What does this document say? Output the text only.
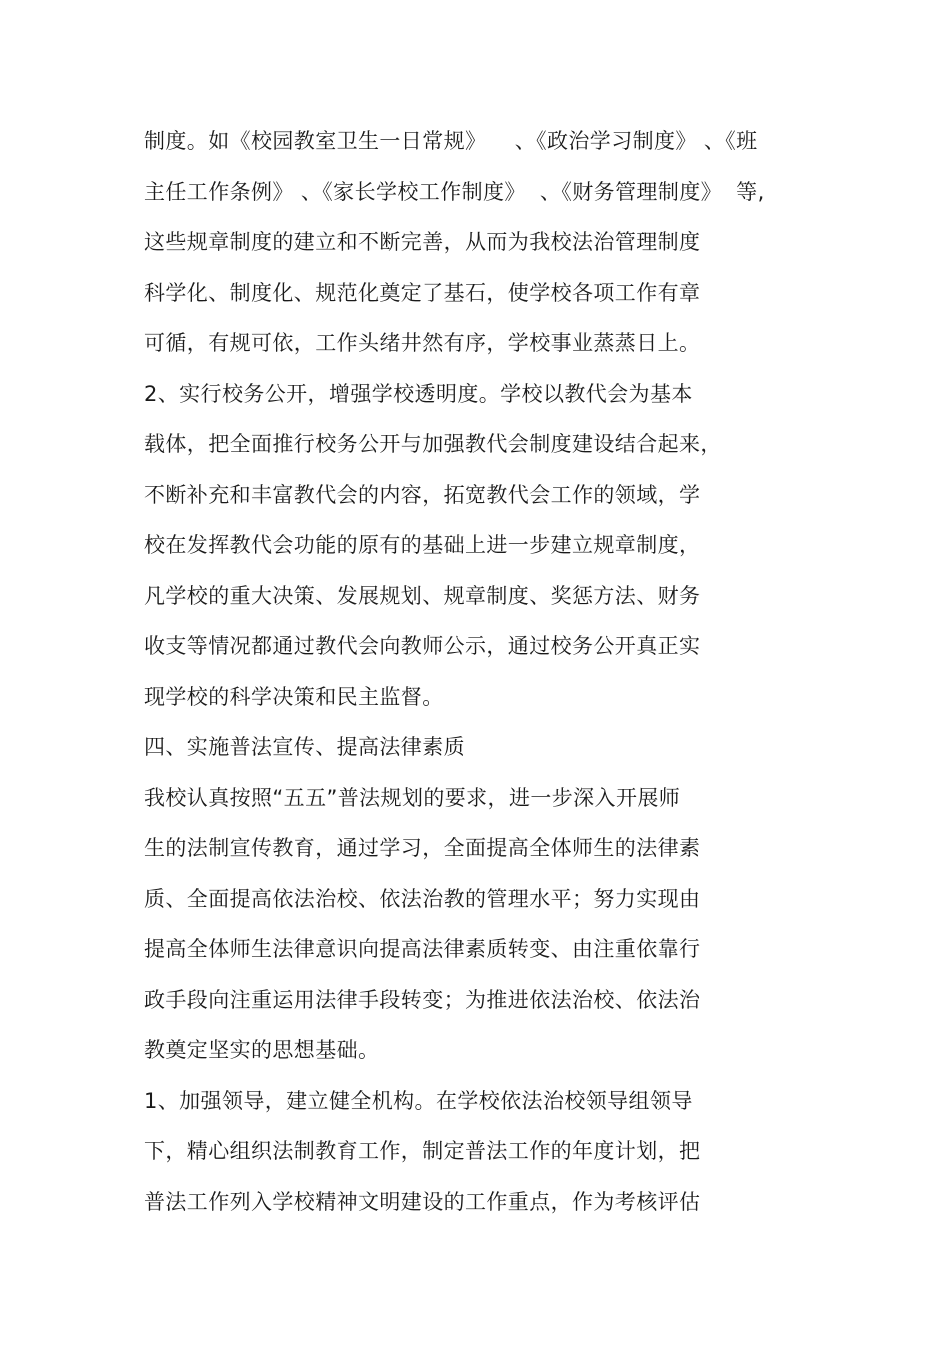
制度。如《校园教室卫生一日常规》    、《政治学习制度》 、《班
主任工作条例》 、《家长学校工作制度》  、《财务管理制度》  等,
这些规章制度的建立和不断完善，从而为我校法治管理制度
科学化、制度化、规范化奠定了基石，使学校各项工作有章
可循，有规可依，工作头绪井然有序，学校事业蒸蒸日上。
2、实行校务公开，增强学校透明度。学校以教代会为基本
载体，把全面推行校务公开与加强教代会制度建设结合起来，
不断补充和丰富教代会的内容，拓宽教代会工作的领域，学
校在发挥教代会功能的原有的基础上进一步建立规章制度，
凡学校的重大决策、发展规划、规章制度、奖惩方法、财务
收支等情况都通过教代会向教师公示，通过校务公开真正实
现学校的科学决策和民主监督。
四、实施普法宣传、提高法律素质
我校认真按照“五五”普法规划的要求，进一步深入开展师
生的法制宣传教育，通过学习，全面提高全体师生的法律素
质、全面提高依法治校、依法治教的管理水平；努力实现由
提高全体师生法律意识向提高法律素质转变、由注重依靠行
政手段向注重运用法律手段转变；为推进依法治校、依法治
教奠定坚实的思想基础。
1、加强领导，建立健全机构。在学校依法治校领导组领导
下，精心组织法制教育工作，制定普法工作的年度计划，把
普法工作列入学校精神文明建设的工作重点，作为考核评估
